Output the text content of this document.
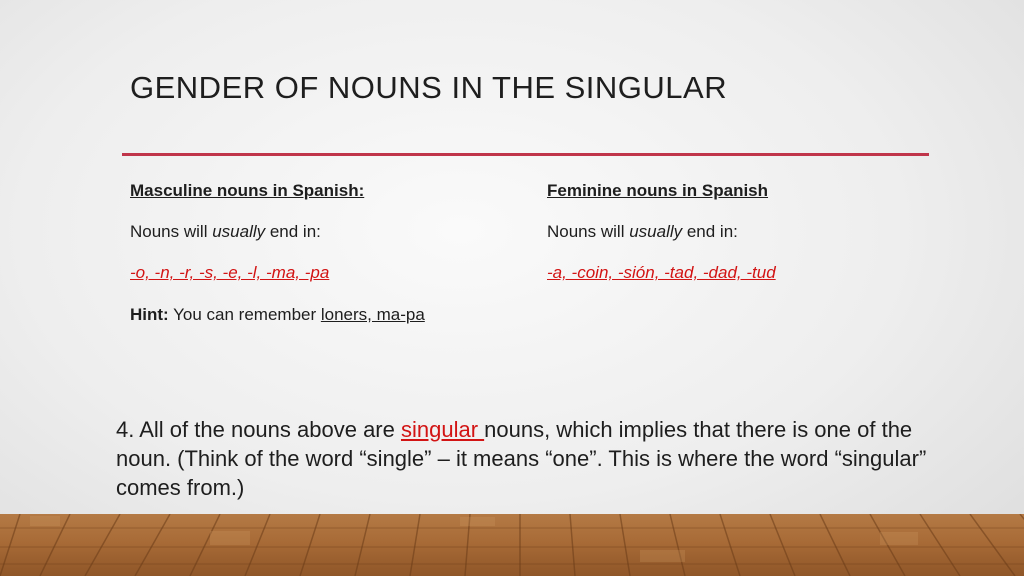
GENDER OF NOUNS IN THE SINGULAR

Masculine nouns in Spanish:

Nouns will usually end in:

-o, -n, -r, -s, -e, -l, -ma, -pa

Hint: You can remember loners, ma-pa

Feminine nouns in Spanish

Nouns will usually end in:

-a, -coin, -sión, -tad, -dad, -tud

4. All of the nouns above are singular nouns, which implies that there is one of the noun. (Think of the word “single” – it means “one”. This is where the word “singular” comes from.)
